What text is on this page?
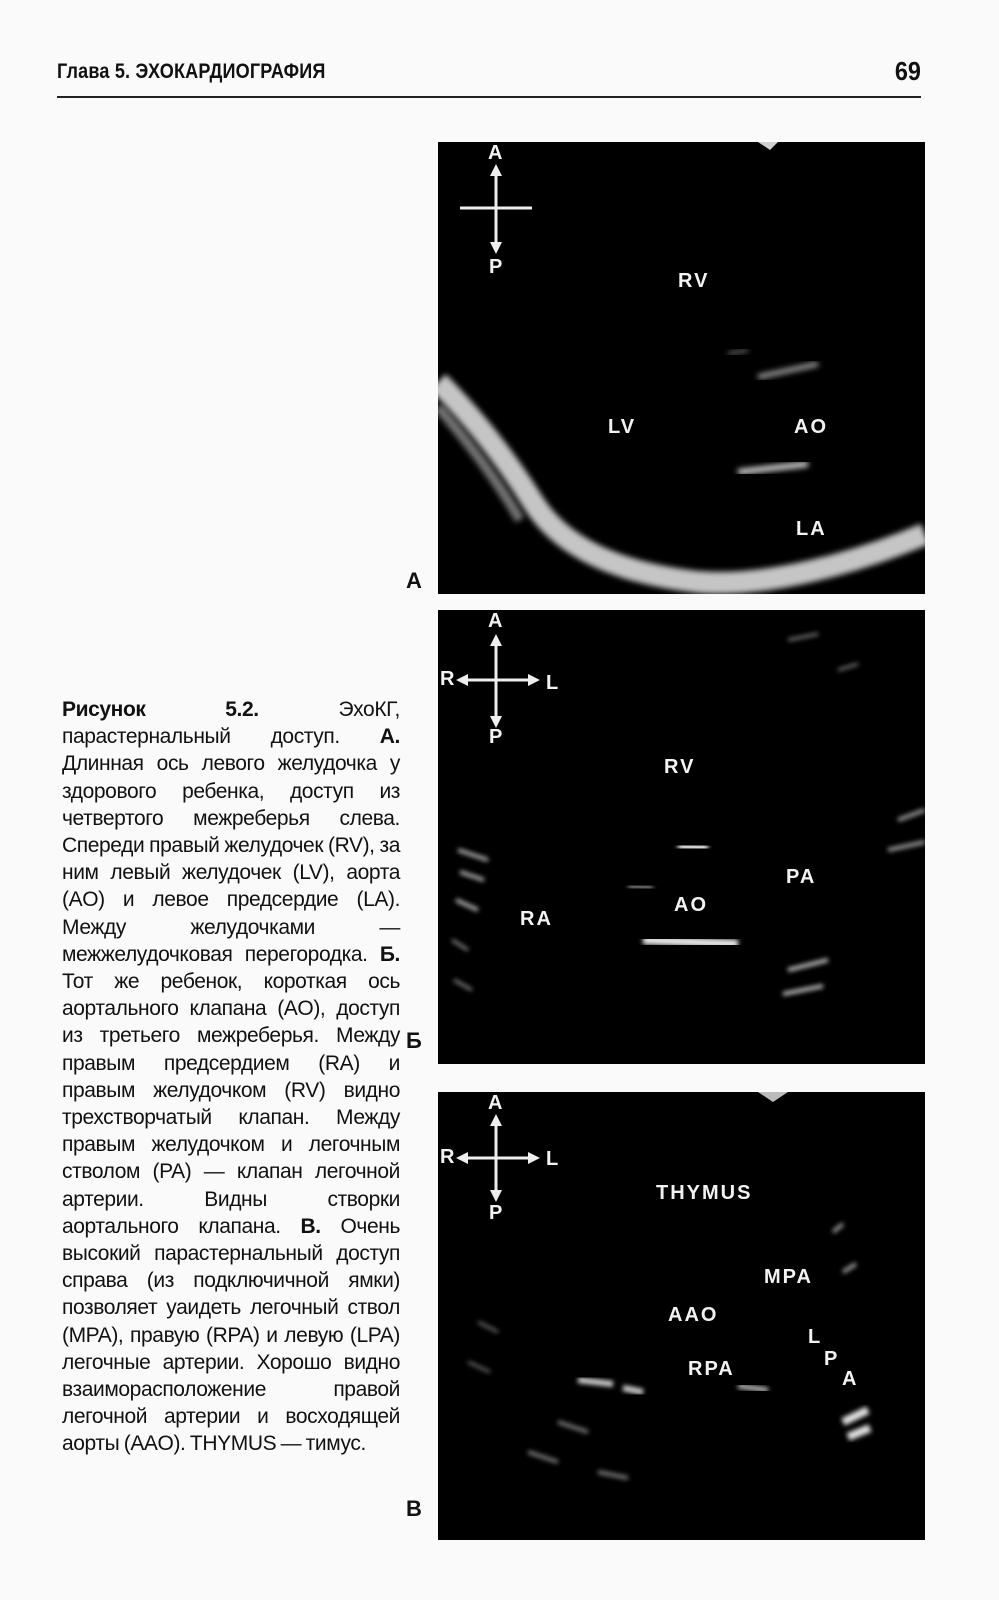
Глава 5. ЭХОКАРДИОГРАФИЯ	69
A
P
RV
LV	AO
LA
А
A
P
R	L
RV
PA
AO
RA
Б
A
P
R	L
THYMUS
MPA
AAO
RPA
L
P
A
В
Рисунок 5.2. ЭхоКГ, парастернальный доступ. А. Длинная ось левого желудочка у здорового ребенка, доступ из четвертого межреберья слева. Спереди правый желудочек (RV), за ним левый желудочек (LV), аорта (AO) и левое предсердие (LA). Между желудочками — межжелудочковая перегородка. Б. Тот же ребенок, короткая ось аортального клапана (AO), доступ из третьего межреберья. Между правым предсердием (RA) и правым желудочком (RV) видно трехстворчатый клапан. Между правым желудочком и легочным стволом (PA) — клапан легочной артерии. Видны створки аортального клапана. В. Очень высокий парастернальный доступ справа (из подключичной ямки) позволяет уаидеть легочный ствол (MPA), правую (RPA) и левую (LPA) легочные артерии. Хорошо видно взаиморасположение правой легочной артерии и восходящей аорты (AAO). THYMUS — тимус.
